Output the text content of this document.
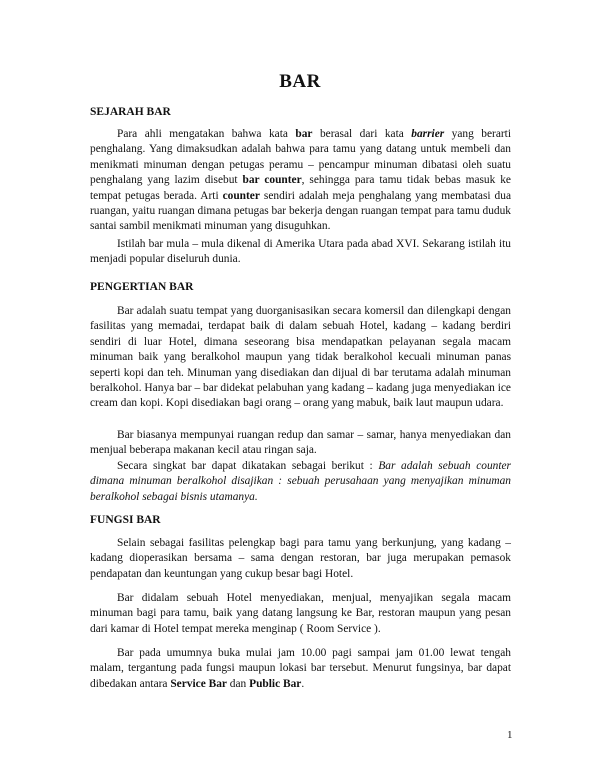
BAR
SEJARAH BAR

Para ahli mengatakan bahwa kata bar berasal dari kata barrier yang berarti penghalang. Yang dimaksudkan adalah bahwa para tamu yang datang untuk membeli dan menikmati minuman dengan petugas peramu – pencampur minuman dibatasi oleh suatu penghalang yang lazim disebut bar counter, sehingga para tamu tidak bebas masuk ke tempat petugas berada. Arti counter sendiri adalah meja penghalang yang membatasi dua ruangan, yaitu ruangan dimana petugas bar bekerja dengan ruangan tempat para tamu duduk santai sambil menikmati minuman yang disuguhkan.

Istilah bar mula – mula dikenal di Amerika Utara pada abad XVI. Sekarang istilah itu menjadi popular diseluruh dunia.

PENGERTIAN BAR

Bar adalah suatu tempat yang duorganisasikan secara komersil dan dilengkapi dengan fasilitas yang memadai, terdapat baik di dalam sebuah Hotel, kadang – kadang berdiri sendiri di luar Hotel, dimana seseorang bisa mendapatkan pelayanan segala macam minuman baik yang beralkohol maupun yang tidak beralkohol kecuali minuman panas seperti kopi dan teh. Minuman yang disediakan dan dijual di bar terutama adalah minuman beralkohol. Hanya bar – bar didekat pelabuhan yang kadang – kadang juga menyediakan ice cream dan kopi. Kopi disediakan bagi orang – orang yang mabuk, baik laut maupun udara.

Bar biasanya mempunyai ruangan redup dan samar – samar, hanya menyediakan dan menjual beberapa makanan kecil atau ringan saja.

Secara singkat bar dapat dikatakan sebagai berikut : Bar adalah sebuah counter dimana minuman beralkohol disajikan : sebuah perusahaan yang menyajikan minuman beralkohol sebagai bisnis utamanya.

FUNGSI BAR

Selain sebagai fasilitas pelengkap bagi para tamu yang berkunjung, yang kadang – kadang dioperasikan bersama – sama dengan restoran, bar juga merupakan pemasok pendapatan dan keuntungan yang cukup besar bagi Hotel.

Bar didalam sebuah Hotel menyediakan, menjual, menyajikan segala macam minuman bagi para tamu, baik yang datang langsung ke Bar, restoran maupun yang pesan dari kamar di Hotel tempat mereka menginap ( Room Service ).

Bar pada umumnya buka mulai jam 10.00 pagi sampai jam 01.00 lewat tengah malam, tergantung pada fungsi maupun lokasi bar tersebut. Menurut fungsinya, bar dapat dibedakan antara Service Bar dan Public Bar.

1
